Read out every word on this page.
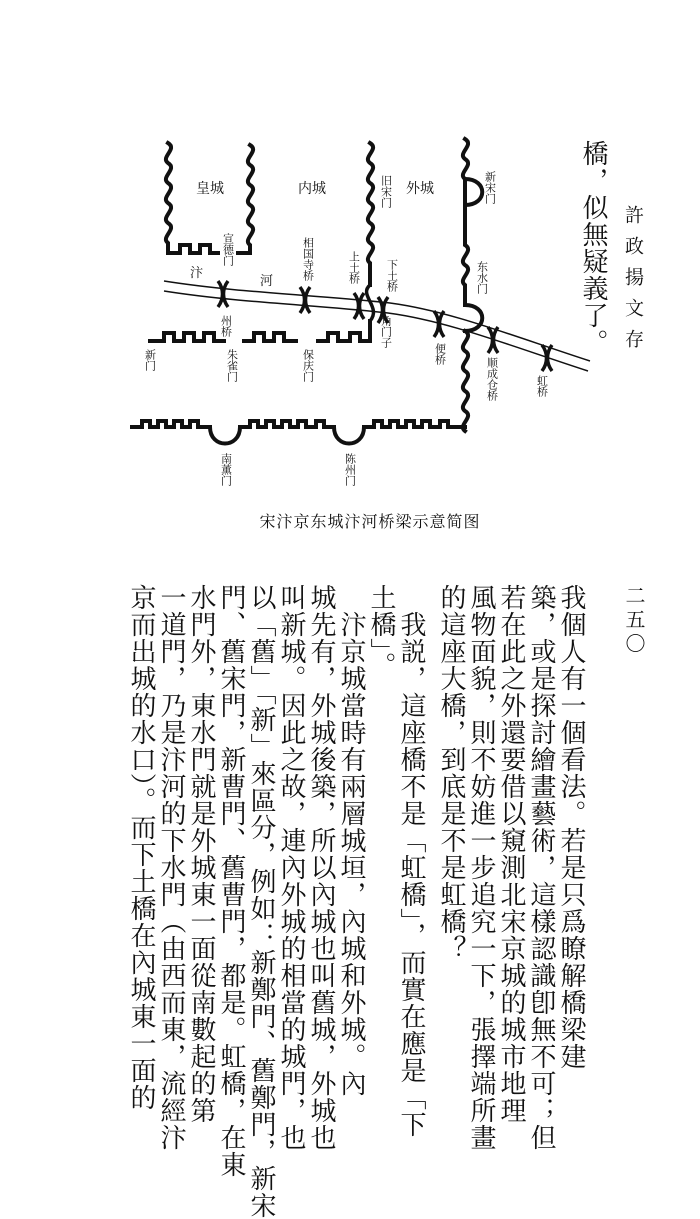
許政揚文存
橋，似無疑義了。
二五〇
皇城	内城	外城
汴
河
宣德门	相国寺桥
旧宋门
上土桥 下土桥
新宋门
东水门
州桥	角门子
便桥
顺成仓桥	虹桥
新门	朱雀门	保庆门
南薰门	陈州门
宋汴京东城汴河桥梁示意简图
我個人有一個看法。若是只爲瞭解橋梁建
築，或是探討繪畫藝術，這樣認識卽無不可；但
若在此之外還要借以窺測北宋京城的城市地理
風物面貌，則不妨進一步追究一下，張擇端所畫
的這座大橋，到底是不是虹橋？
我説，這座橋不是「虹橋」，而實在應是「下
土橋」。
汴京城當時有兩層城垣，內城和外城。內
城先有，外城後築，所以內城也叫舊城，外城也
叫新城。因此之故，連內外城的相當的城門，也
以「舊」「新」來區分，例如：新鄭門、舊鄭門，新宋
門、舊宋門，新曹門、舊曹門，都是。虹橋，在東
水門外，東水門就是外城東一面從南數起的第
一道門，乃是汴河的下水門（由西而東，流經汴
京而出城的水口）。而下土橋在內城東一面的
